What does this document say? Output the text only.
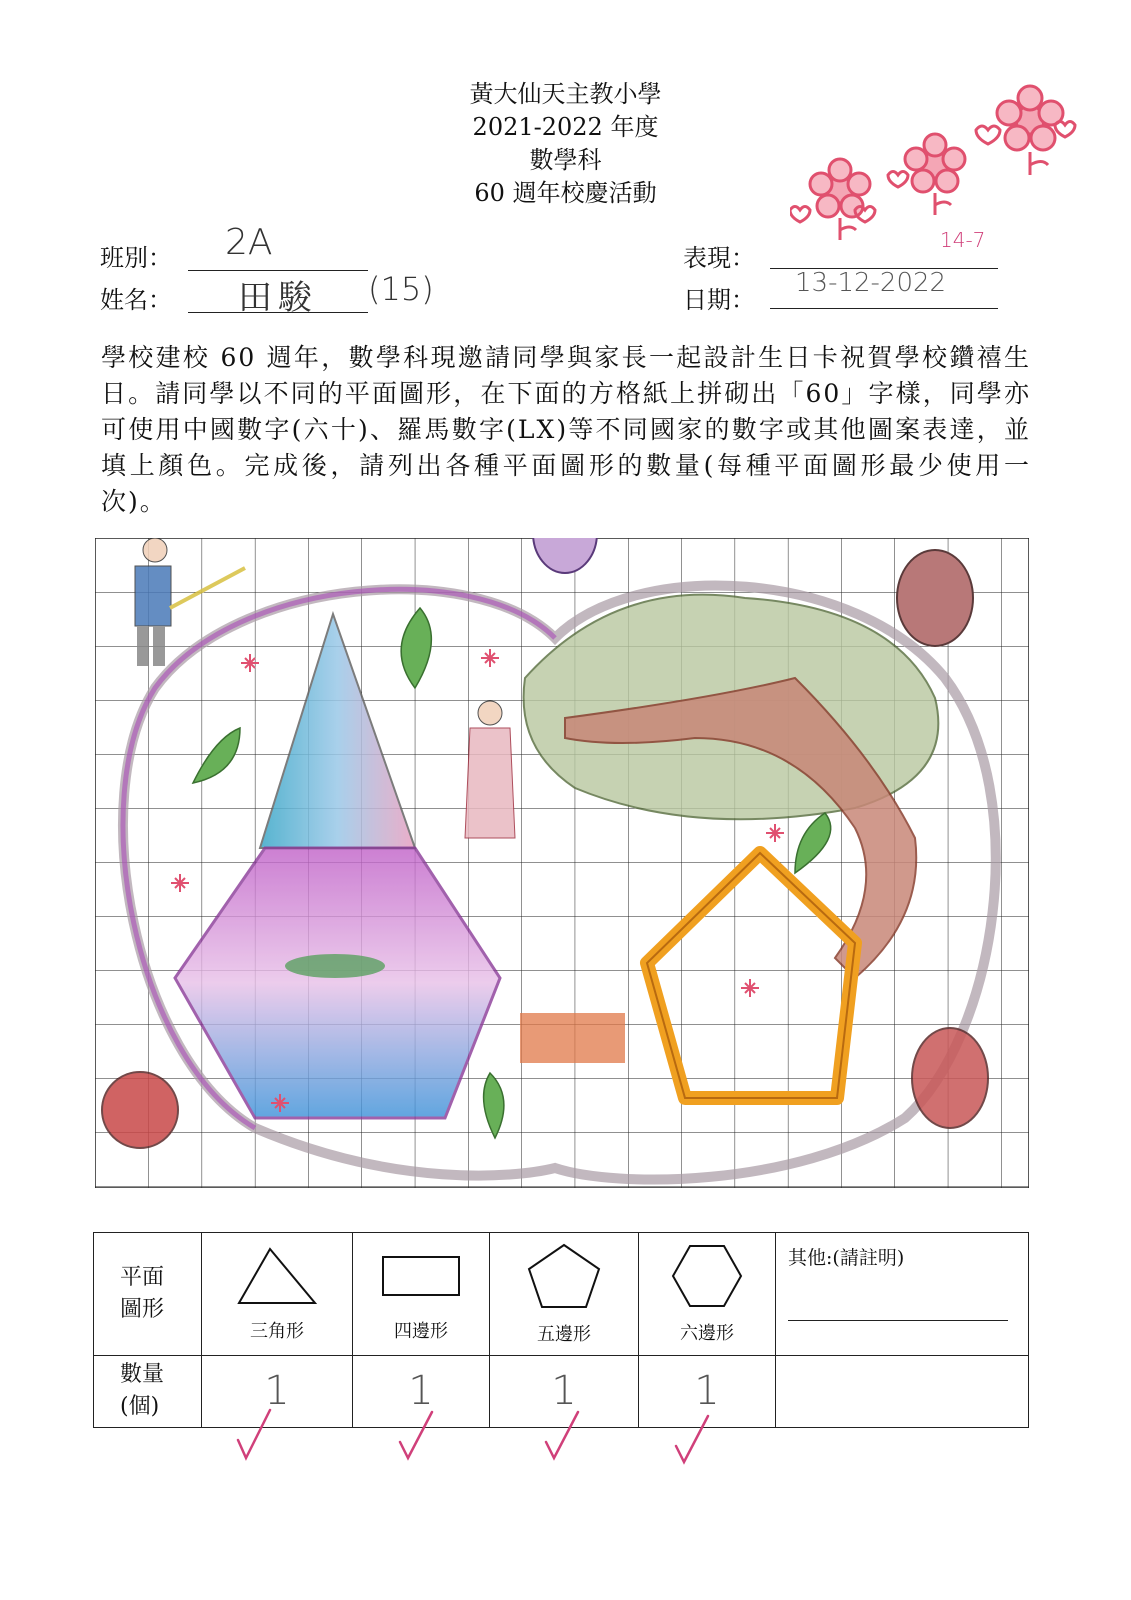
黃大仙天主教小學
2021-2022 年度
數學科
60 週年校慶活動
班別： 2A
姓名： 田駿 (15)
表現：
14-7
日期：
13-12-2022
學校建校 60 週年，數學科現邀請同學與家長一起設計生日卡祝賀學校鑽禧生日。請同學以不同的平面圖形，在下面的方格紙上拼砌出「60」字樣，同學亦可使用中國數字(六十)、羅馬數字(LX)等不同國家的數字或其他圖案表達，並填上顏色。完成後，請列出各種平面圖形的數量(每種平面圖形最少使用一次)。
平面
圖形	三角形	四邊形	五邊形	六邊形	其他:(請註明)

數量
(個)	1	1	1	1	
